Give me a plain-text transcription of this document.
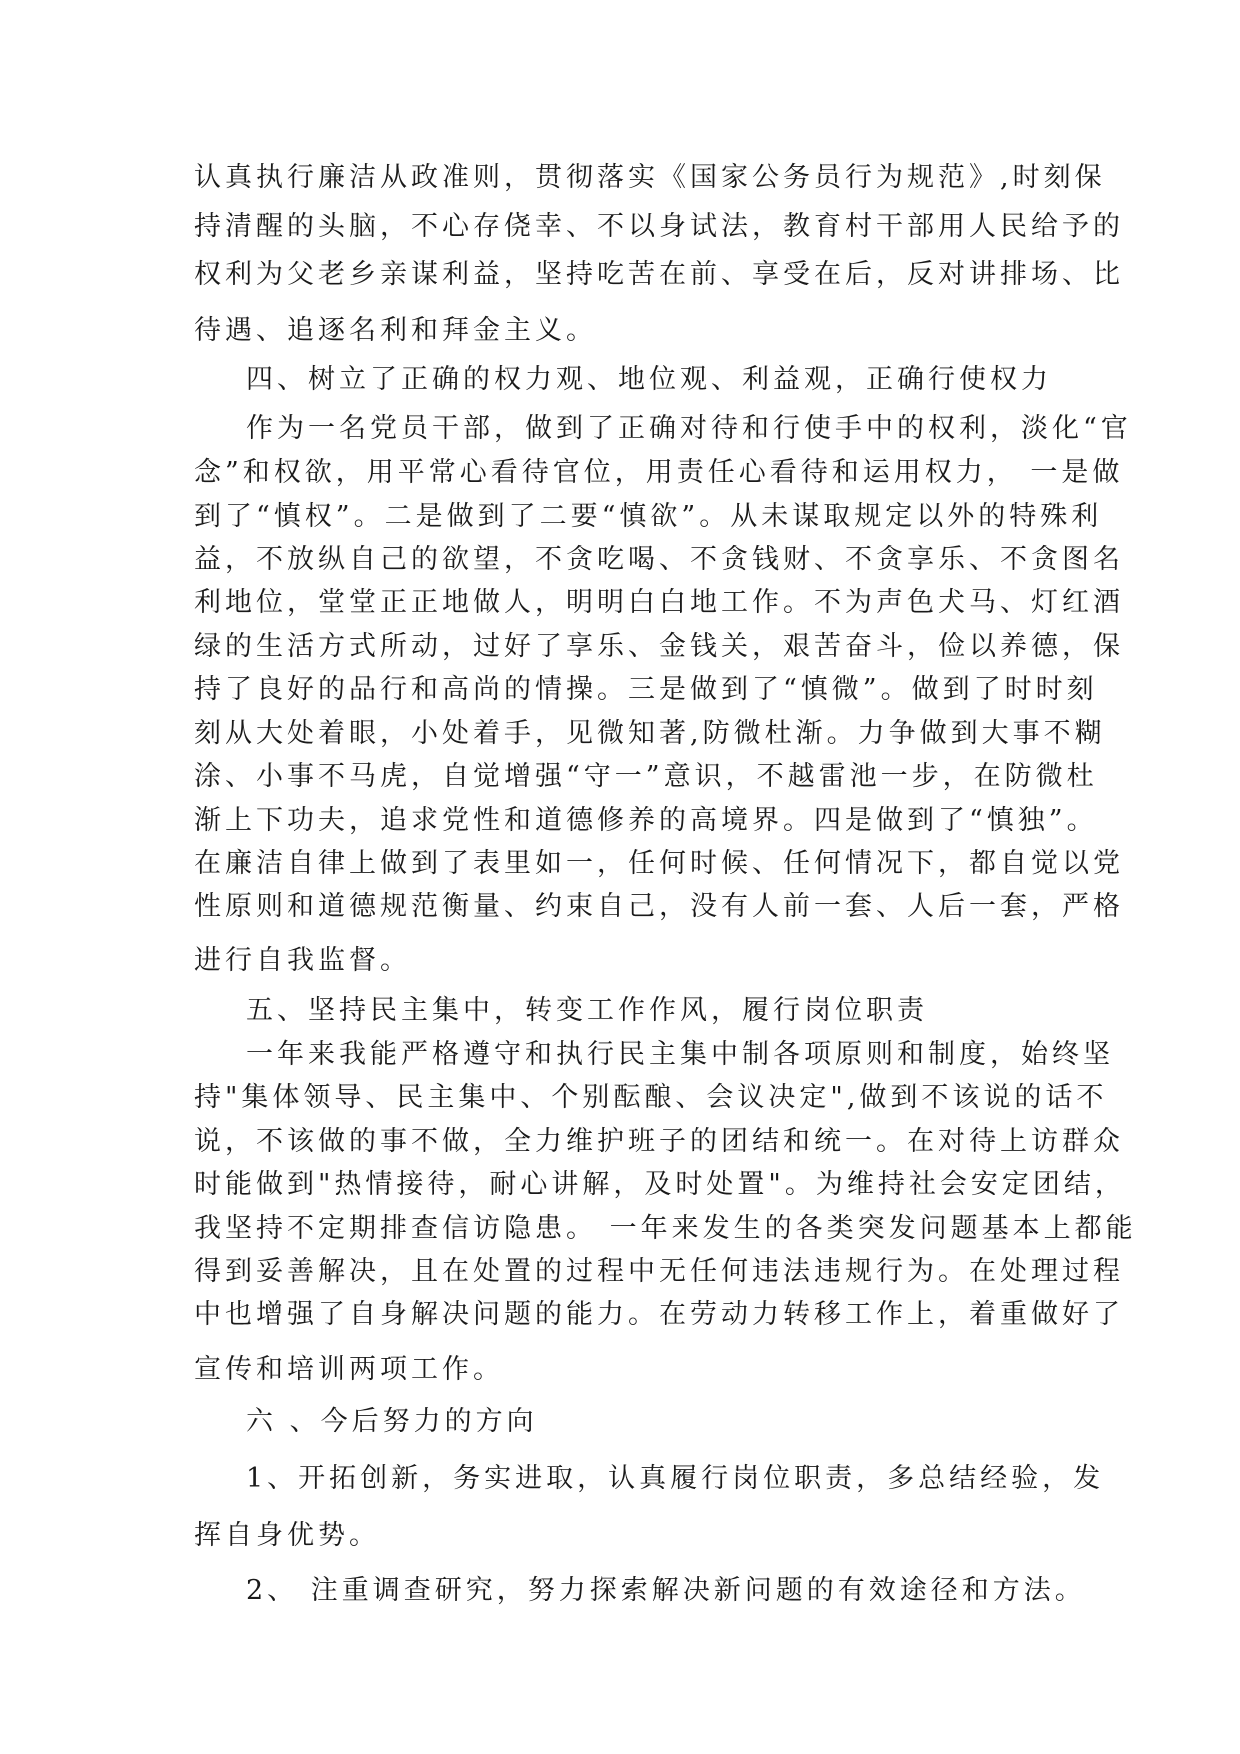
认真执行廉洁从政准则，贯彻落实《国家公务员行为规范》,时刻保

持清醒的头脑，不心存侥幸、不以身试法，教育村干部用人民给予的

权利为父老乡亲谋利益，坚持吃苦在前、享受在后，反对讲排场、比

待遇、追逐名利和拜金主义。

四、树立了正确的权力观、地位观、利益观，正确行使权力

作为一名党员干部，做到了正确对待和行使手中的权利，淡化“官

念”和权欲，用平常心看待官位，用责任心看待和运用权力， 一是做

到了“慎权”。二是做到了二要“慎欲”。从未谋取规定以外的特殊利

益，不放纵自己的欲望，不贪吃喝、不贪钱财、不贪享乐、不贪图名

利地位，堂堂正正地做人，明明白白地工作。不为声色犬马、灯红酒

绿的生活方式所动，过好了享乐、金钱关，艰苦奋斗，俭以养德，保

持了良好的品行和高尚的情操。三是做到了“慎微”。做到了时时刻

刻从大处着眼，小处着手，见微知著,防微杜渐。力争做到大事不糊

涂、小事不马虎，自觉增强“守一”意识，不越雷池一步，在防微杜

渐上下功夫，追求党性和道德修养的高境界。四是做到了“慎独”。

在廉洁自律上做到了表里如一，任何时候、任何情况下，都自觉以党

性原则和道德规范衡量、约束自己，没有人前一套、人后一套，严格

进行自我监督。

五、坚持民主集中，转变工作作风，履行岗位职责

一年来我能严格遵守和执行民主集中制各项原则和制度，始终坚

持"集体领导、民主集中、个别酝酿、会议决定",做到不该说的话不

说，不该做的事不做，全力维护班子的团结和统一。在对待上访群众

时能做到"热情接待，耐心讲解，及时处置"。为维持社会安定团结，

我坚持不定期排查信访隐患。 一年来发生的各类突发问题基本上都能

得到妥善解决，且在处置的过程中无任何违法违规行为。在处理过程

中也增强了自身解决问题的能力。在劳动力转移工作上，着重做好了

宣传和培训两项工作。

六 、今后努力的方向

1、开拓创新，务实进取，认真履行岗位职责，多总结经验，发

挥自身优势。

2、 注重调查研究，努力探索解决新问题的有效途径和方法。
